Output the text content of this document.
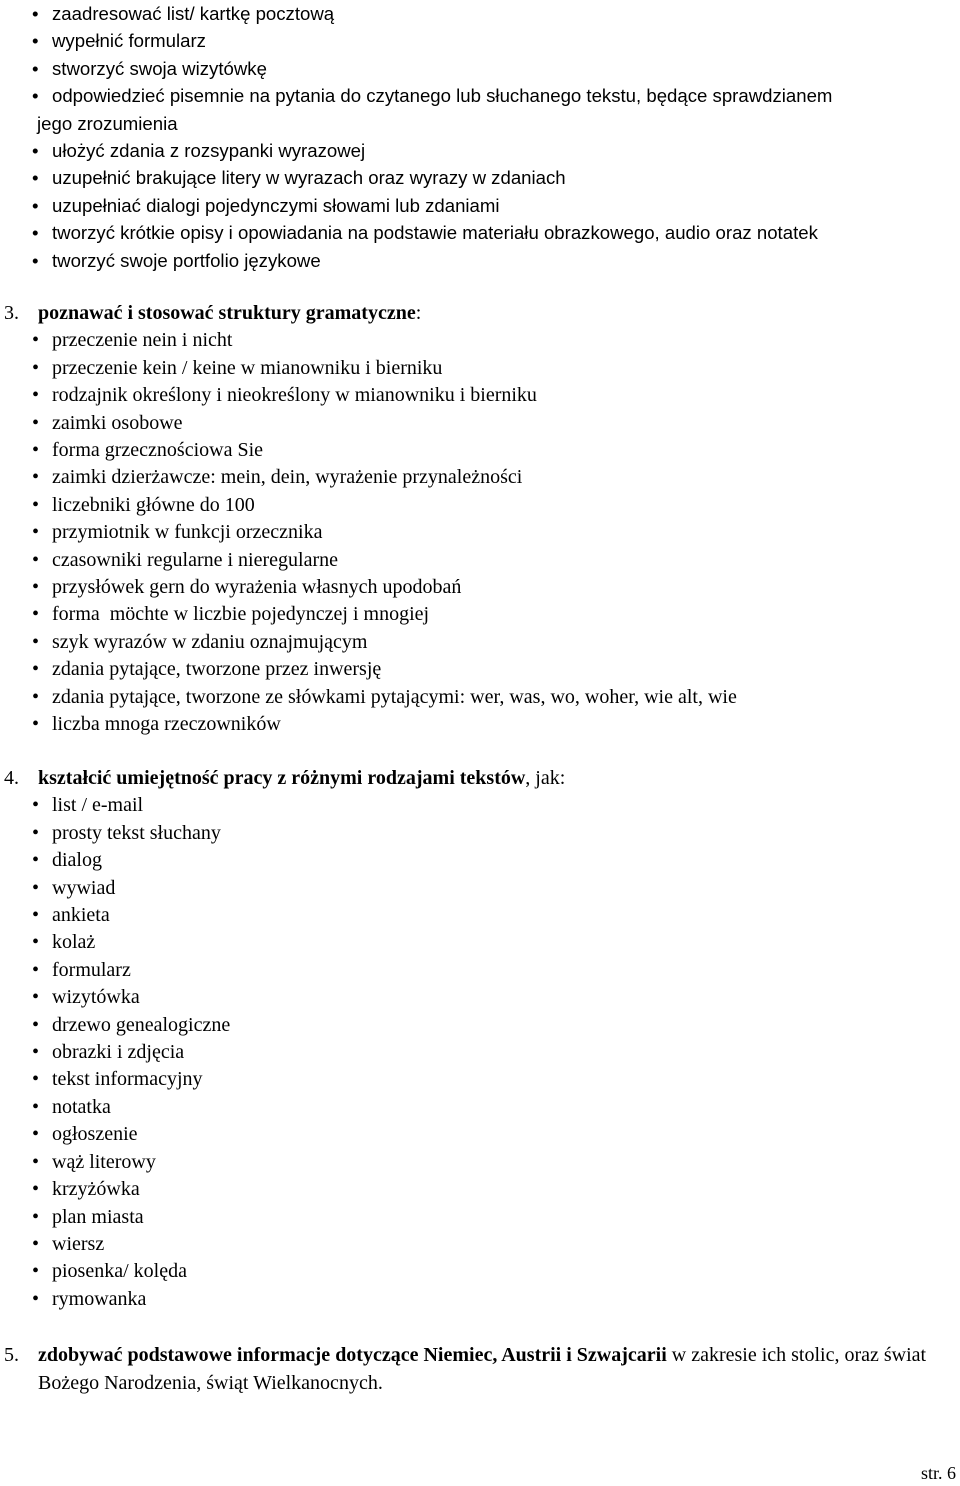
• zaadresować list/ kartkę pocztową
• wypełnić formularz
• stworzyć swoja wizytówkę
• odpowiedzieć pisemnie na pytania do czytanego lub słuchanego tekstu, będące sprawdzianem
jego zrozumienia
• ułożyć zdania z rozsypanki wyrazowej
• uzupełnić brakujące litery w wyrazach oraz wyrazy w zdaniach
• uzupełniać dialogi pojedynczymi słowami lub zdaniami
• tworzyć krótkie opisy i opowiadania na podstawie materiału obrazkowego, audio oraz notatek
• tworzyć swoje portfolio językowe
3. poznawać i stosować struktury gramatyczne:
• przeczenie nein i nicht
• przeczenie kein / keine w mianowniku i bierniku
• rodzajnik określony i nieokreślony w mianowniku i bierniku
• zaimki osobowe
• forma grzecznościowa Sie
• zaimki dzierżawcze: mein, dein, wyrażenie przynależności
• liczebniki główne do 100
• przymiotnik w funkcji orzecznika
• czasowniki regularne i nieregularne
• przysłówek gern do wyrażenia własnych upodobań
• forma  möchte w liczbie pojedynczej i mnogiej
• szyk wyrazów w zdaniu oznajmującym
• zdania pytające, tworzone przez inwersję
• zdania pytające, tworzone ze słówkami pytającymi: wer, was, wo, woher, wie alt, wie
• liczba mnoga rzeczowników
4. kształcić umiejętność pracy z różnymi rodzajami tekstów, jak:
• list / e-mail
• prosty tekst słuchany
• dialog
• wywiad
• ankieta
• kolaż
• formularz
• wizytówka
• drzewo genealogiczne
• obrazki i zdjęcia
• tekst informacyjny
• notatka
• ogłoszenie
• wąż literowy
• krzyżówka
• plan miasta
• wiersz
• piosenka/ kolęda
• rymowanka
5. zdobywać podstawowe informacje dotyczące Niemiec, Austrii i Szwajcarii w zakresie ich stolic, oraz świat Bożego Narodzenia, świąt Wielkanocnych.
str. 6
